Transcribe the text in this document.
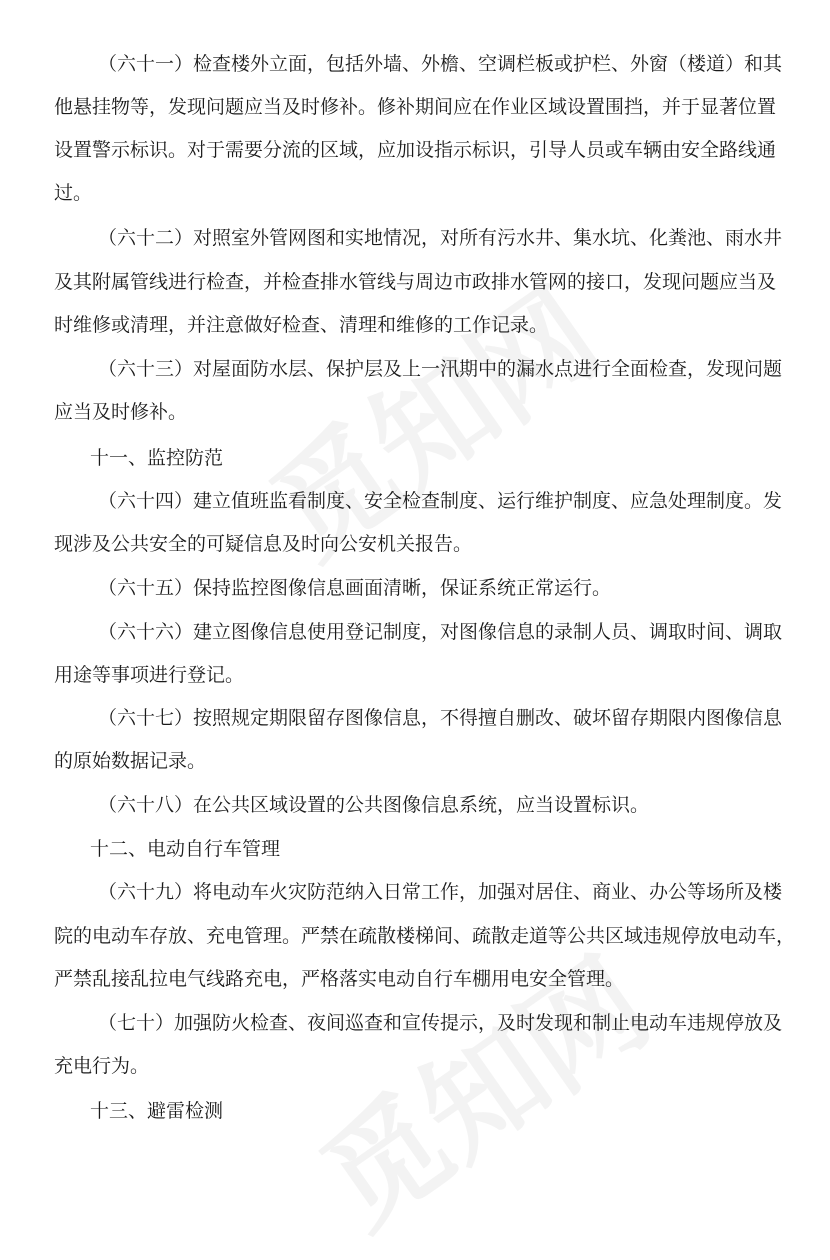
（六十一）检查楼外立面，包括外墙、外檐、空调栏板或护栏、外窗（楼道）和其
他悬挂物等，发现问题应当及时修补。修补期间应在作业区域设置围挡，并于显著位置
设置警示标识。对于需要分流的区域，应加设指示标识，引导人员或车辆由安全路线通
过。
（六十二）对照室外管网图和实地情况，对所有污水井、集水坑、化粪池、雨水井
及其附属管线进行检查，并检查排水管线与周边市政排水管网的接口，发现问题应当及
时维修或清理，并注意做好检查、清理和维修的工作记录。
（六十三）对屋面防水层、保护层及上一汛期中的漏水点进行全面检查，发现问题
应当及时修补。
十一、监控防范
（六十四）建立值班监看制度、安全检查制度、运行维护制度、应急处理制度。发
现涉及公共安全的可疑信息及时向公安机关报告。
（六十五）保持监控图像信息画面清晰，保证系统正常运行。
（六十六）建立图像信息使用登记制度，对图像信息的录制人员、调取时间、调取
用途等事项进行登记。
（六十七）按照规定期限留存图像信息，不得擅自删改、破坏留存期限内图像信息
的原始数据记录。
（六十八）在公共区域设置的公共图像信息系统，应当设置标识。
十二、电动自行车管理
（六十九）将电动车火灾防范纳入日常工作，加强对居住、商业、办公等场所及楼
院的电动车存放、充电管理。严禁在疏散楼梯间、疏散走道等公共区域违规停放电动车，
严禁乱接乱拉电气线路充电，严格落实电动自行车棚用电安全管理。
（七十）加强防火检查、夜间巡查和宣传提示，及时发现和制止电动车违规停放及
充电行为。
十三、避雷检测
